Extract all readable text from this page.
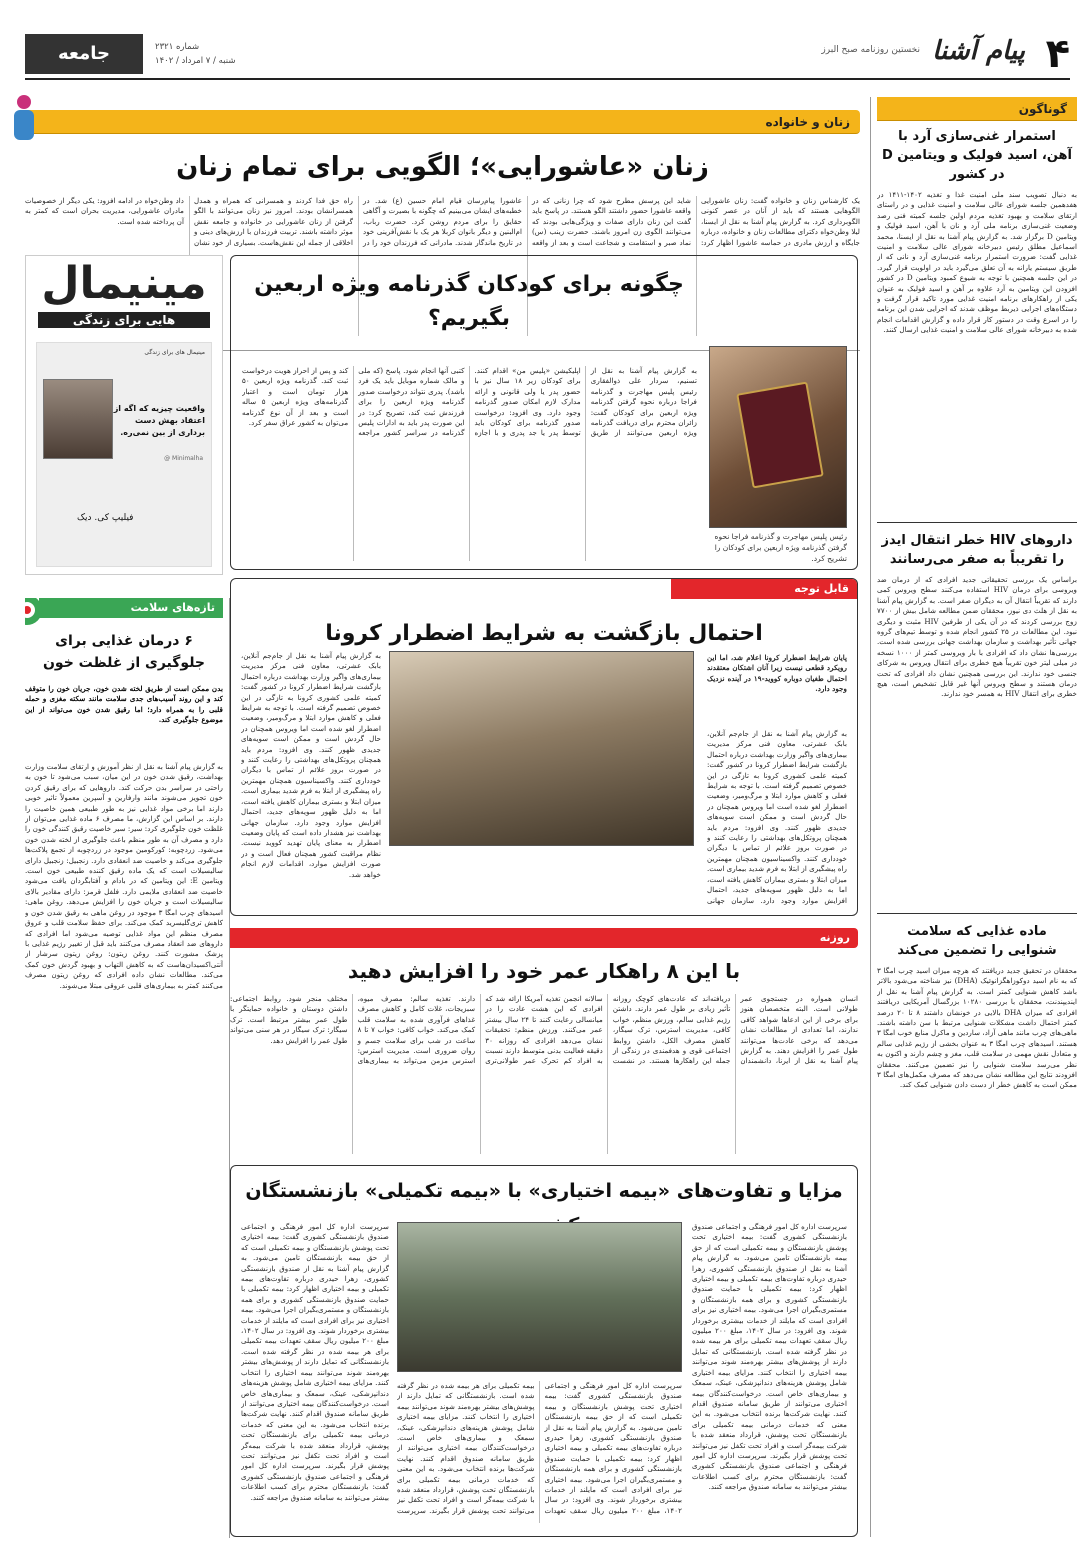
۴
پیام آشنا
نخستین روزنامه صبح البرز
شماره ۲۳۲۱
شنبه / ۷ امرداد / ۱۴۰۲
جامعه
گوناگون
استمرار غنی‌سازی آرد با آهن، اسید فولیک و ویتامین D در کشور
به دنبال تصویب سند ملی امنیت غذا و تغذیه ۱۴۰۲-۱۴۱۱ در هفدهمین جلسه شورای عالی سلامت و امنیت غذایی و در راستای ارتقای سلامت و بهبود تغذیه مردم اولین جلسه کمیته فنی رصد وضعیت غنی‌سازی برنامه ملی آرد و نان با آهن، اسید فولیک و ویتامین D برگزار شد. به گزارش پیام آشنا به نقل از ایسنا، محمد اسماعیل مطلق رئیس دبیرخانه شورای عالی سلامت و امنیت غذایی گفت: ضرورت استمرار برنامه غنی‌سازی آرد و نانی که از طریق سیستم یارانه به آن تعلق می‌گیرد باید در اولویت قرار گیرد. در این جلسه همچنین با توجه به شیوع کمبود ویتامین D در کشور افزودن این ویتامین به آرد علاوه بر آهن و اسید فولیک به عنوان یکی از راهکارهای برنامه امنیت غذایی مورد تاکید قرار گرفت و دستگاه‌های اجرایی ذیربط موظف شدند که اجرایی شدن این برنامه را در اسرع وقت در دستور کار قرار داده و گزارش اقدامات انجام شده به دبیرخانه شورای عالی سلامت و امنیت غذایی ارسال کنند.
داروهای HIV خطر انتقال ایدز را تقریباً به صفر می‌رسانند
براساس یک بررسی تحقیقاتی جدید افرادی که از درمان ضد ویروسی برای درمان HIV استفاده می‌کنند سطح ویروس کمی دارند که تقریباً انتقال آن به دیگران صفر است. به گزارش پیام آشنا به نقل از هلث دی نیوز، محققان ضمن مطالعه شامل بیش از ۷۷۰۰ زوج بررسی کردند که در آن یکی از طرفین HIV مثبت و دیگری نبود. این مطالعات در ۲۵ کشور انجام شده و توسط تیم‌های گروه جهانی تأثیر بهداشت و سازمان بهداشت جهانی بررسی شده است. بررسی‌ها نشان داد که افرادی با بار ویروسی کمتر از ۱۰۰۰ نسخه در میلی لیتر خون تقریباً هیچ خطری برای انتقال ویروس به شرکای جنسی خود ندارند. این بررسی همچنین نشان داد افرادی که تحت درمان هستند و سطح ویروس آنها غیر قابل تشخیص است، هیچ خطری برای انتقال HIV به همسر خود ندارند.
ماده غذایی که سلامت شنوایی را تضمین می‌کند
محققان در تحقیق جدید دریافتند که هرچه میزان اسید چرب امگا ۳ که به نام اسید دوکوزاهگزانوئیک (DHA) نیز شناخته می‌شود بالاتر باشد کاهش شنوایی کمتر است. به گزارش پیام آشنا به نقل از ایندیپندنت، محققان با بررسی ۱۰۲۸۰ بزرگسال آمریکایی دریافتند افرادی که میزان DHA بالایی در خونشان داشتند ۸ تا ۲۰ درصد کمتر احتمال داشت مشکلات شنوایی مرتبط با سن داشته باشند. ماهی‌های چرب مانند ماهی آزاد، ساردین و ماکرل منابع خوب امگا ۳ هستند. اسیدهای چرب امگا ۳ به عنوان بخشی از رژیم غذایی سالم و متعادل نقش مهمی در سلامت قلب، مغز و چشم دارند و اکنون به نظر می‌رسد سلامت شنوایی را نیز تضمین می‌کنند. محققان افزودند نتایج این مطالعه نشان می‌دهد که مصرف مکمل‌های امگا ۳ ممکن است به کاهش خطر از دست دادن شنوایی کمک کند.
زنان و خانواده
زنان «عاشورایی»؛ الگویی برای تمام زنان
یک کارشناس زنان و خانواده گفت: زنان عاشورایی الگوهایی هستند که باید از آنان در عصر کنونی الگوبرداری کرد. به گزارش پیام آشنا به نقل از ایسنا، لیلا وطن‌خواه دکترای مطالعات زنان و خانواده، درباره جایگاه و ارزش مادری در حماسه عاشورا اظهار کرد: شاید این پرسش مطرح شود که چرا زنانی که در واقعه عاشورا حضور داشتند الگو هستند. در پاسخ باید گفت این زنان دارای صفات و ویژگی‌هایی بودند که می‌توانند الگوی زن امروز باشند. حضرت زینب (س) نماد صبر و استقامت و شجاعت است و بعد از واقعه عاشورا پیام‌رسان قیام امام حسین (ع) شد. در خطبه‌های ایشان می‌بینیم که چگونه با بصیرت و آگاهی حقایق را برای مردم روشن کرد. حضرت رباب، ام‌البنین و دیگر بانوان کربلا هر یک با نقش‌آفرینی خود در تاریخ ماندگار شدند. مادرانی که فرزندان خود را در راه حق فدا کردند و همسرانی که همراه و همدل همسرانشان بودند. امروز نیز زنان می‌توانند با الگو گرفتن از زنان عاشورایی در خانواده و جامعه نقش موثر داشته باشند. تربیت فرزندان با ارزش‌های دینی و اخلاقی از جمله این نقش‌هاست. بسیاری از خود نشان داد وطن‌خواه در ادامه افزود: یکی دیگر از خصوصیات مادران عاشورایی، مدیریت بحران است که کمتر به آن پرداخته شده است.
مینیمال
هایی برای زندگی
مینیمال های برای زندگی
واقعیت چیزیه که اگه از اعتقاد بهش دست برداری از بین نمی‌ره.
@ Minimalha
فیلیپ کی. دیک
تازه‌های سلامت
۶ درمان غذایی برای جلوگیری از غلظت خون
بدن ممکن است از طریق لخته شدن خون، جریان خون را متوقف کند و این روند آسیب‌های جدی سلامت مانند سکته مغزی و حمله قلبی را به همراه دارد؛ اما رقیق شدن خون می‌تواند از این موضوع جلوگیری کند.
به گزارش پیام آشنا به نقل از نظر آموزش و ارتقای سلامت وزارت بهداشت، رقیق شدن خون در این میان، سبب می‌شود تا خون به راحتی در سراسر بدن حرکت کند. داروهایی که برای رقیق کردن خون تجویز می‌شوند مانند وارفارین و آسپرین معمولاً تاثیر خوبی دارند اما برخی مواد غذایی نیز به طور طبیعی همین خاصیت را دارند. بر اساس این گزارش، ما مصرف ۶ ماده غذایی می‌توان از غلظت خون جلوگیری کرد: سیر: سیر خاصیت رقیق کنندگی خون را دارد و مصرف آن به طور منظم باعث جلوگیری از لخته شدن خون می‌شود. زردچوبه: کورکومین موجود در زردچوبه از تجمع پلاکت‌ها جلوگیری می‌کند و خاصیت ضد انعقادی دارد. زنجبیل: زنجبیل دارای سالیسیلات است که یک ماده رقیق کننده طبیعی خون است. ویتامین E: این ویتامین که در بادام و آفتابگردان یافت می‌شود خاصیت ضد انعقادی ملایمی دارد. فلفل قرمز: دارای مقادیر بالای سالیسیلات است و جریان خون را افزایش می‌دهد. روغن ماهی: اسیدهای چرب امگا ۳ موجود در روغن ماهی به رقیق شدن خون و کاهش تری‌گلیسرید کمک می‌کند. برای حفظ سلامت قلب و عروق مصرف منظم این مواد غذایی توصیه می‌شود اما افرادی که داروهای ضد انعقاد مصرف می‌کنند باید قبل از تغییر رژیم غذایی با پزشک مشورت کنند. روغن زیتون: روغن زیتون سرشار از آنتی‌اکسیدان‌هاست که به کاهش التهاب و بهبود گردش خون کمک می‌کند. مطالعات نشان داده افرادی که روغن زیتون مصرف می‌کنند کمتر به بیماری‌های قلبی عروقی مبتلا می‌شوند.
چگونه برای کودکان گذرنامه ویژه اربعین بگیریم؟
رئیس پلیس مهاجرت و گذرنامه فراجا نحوه گرفتن گذرنامه ویژه اربعین برای کودکان را تشریح کرد.
به گزارش پیام آشنا به نقل از تسنیم، سردار علی ذوالفقاری رئیس پلیس مهاجرت و گذرنامه فراجا درباره نحوه گرفتن گذرنامه ویژه اربعین برای کودکان گفت: زائران محترم برای دریافت گذرنامه ویژه اربعین می‌توانند از طریق اپلیکیشن «پلیس من» اقدام کنند. برای کودکان زیر ۱۸ سال نیز با حضور پدر یا ولی قانونی و ارائه مدارک لازم امکان صدور گذرنامه وجود دارد. وی افزود: درخواست صدور گذرنامه برای کودکان باید توسط پدر یا جد پدری و با اجازه کتبی آنها انجام شود. پاسخ (که ملی و مالک شماره موبایل باید یک فرد باشد). پدری نتواند درخواست صدور گذرنامه ویژه اربعین را برای فرزندش ثبت کند، تصریح کرد: در این صورت پدر باید به ادارات پلیس گذرنامه در سراسر کشور مراجعه کند و پس از احراز هویت درخواست ثبت کند. گذرنامه ویژه اربعین ۵۰ هزار تومان است و اعتبار گذرنامه‌های ویژه اربعین ۵ ساله است و بعد از آن نوع گذرنامه می‌توان به کشور عراق سفر کرد.
قابل توجه
احتمال بازگشت به شرایط اضطرار کرونا
پایان شرایط اضطرار کرونا اعلام شد، اما این رویکرد قطعی نیست زیرا آنان اشتکان معتقدند احتمال طغیان دوباره کووید-۱۹ در آینده نزدیک وجود دارد.
به گزارش پیام آشنا به نقل از جام‌جم آنلاین، بابک عشرتی، معاون فنی مرکز مدیریت بیماری‌های واگیر وزارت بهداشت درباره احتمال بازگشت شرایط اضطرار کرونا در کشور گفت: کمیته علمی کشوری کرونا به تازگی در این خصوص تصمیم گرفته است. با توجه به شرایط فعلی و کاهش موارد ابتلا و مرگ‌ومیر، وضعیت اضطرار لغو شده است اما ویروس همچنان در حال گردش است و ممکن است سویه‌های جدیدی ظهور کنند. وی افزود: مردم باید همچنان پروتکل‌های بهداشتی را رعایت کنند و در صورت بروز علائم از تماس با دیگران خودداری کنند. واکسیناسیون همچنان مهمترین راه پیشگیری از ابتلا به فرم شدید بیماری است. میزان ابتلا و بستری بیماران کاهش یافته است، اما به دلیل ظهور سویه‌های جدید، احتمال افزایش موارد وجود دارد. سازمان جهانی
به گزارش پیام آشنا به نقل از جام‌جم آنلاین، بابک عشرتی، معاون فنی مرکز مدیریت بیماری‌های واگیر وزارت بهداشت درباره احتمال بازگشت شرایط اضطرار کرونا در کشور گفت: کمیته علمی کشوری کرونا به تازگی در این خصوص تصمیم گرفته است. با توجه به شرایط فعلی و کاهش موارد ابتلا و مرگ‌ومیر، وضعیت اضطرار لغو شده است اما ویروس همچنان در حال گردش است و ممکن است سویه‌های جدیدی ظهور کنند. وی افزود: مردم باید همچنان پروتکل‌های بهداشتی را رعایت کنند و در صورت بروز علائم از تماس با دیگران خودداری کنند. واکسیناسیون همچنان مهمترین راه پیشگیری از ابتلا به فرم شدید بیماری است. میزان ابتلا و بستری بیماران کاهش یافته است، اما به دلیل ظهور سویه‌های جدید، احتمال افزایش موارد وجود دارد. سازمان جهانی بهداشت نیز هشدار داده است که پایان وضعیت اضطرار به معنای پایان تهدید کووید نیست. نظام مراقبت کشور همچنان فعال است و در صورت افزایش موارد، اقدامات لازم انجام خواهد شد.
روزنه
با این ۸ راهکار عمر خود را افزایش دهید
انسان همواره در جستجوی عمر طولانی است. البته متخصصان هنوز برای برخی از این ادعاها شواهد کافی ندارند، اما تعدادی از مطالعات نشان می‌دهد که برخی عادت‌ها می‌توانند طول عمر را افزایش دهند. به گزارش پیام آشنا به نقل از ایرنا، دانشمندان دریافته‌اند که عادت‌های کوچک روزانه تأثیر زیادی بر طول عمر دارند. داشتن رژیم غذایی سالم، ورزش منظم، خواب کافی، مدیریت استرس، ترک سیگار، کاهش مصرف الکل، داشتن روابط اجتماعی قوی و هدفمندی در زندگی از جمله این راهکارها هستند. در نشست سالانه انجمن تغذیه آمریکا ارائه شد که افرادی که این هشت عادت را در میانسالی رعایت کنند تا ۲۴ سال بیشتر عمر می‌کنند. ورزش منظم: تحقیقات نشان می‌دهد افرادی که روزانه ۳۰ دقیقه فعالیت بدنی متوسط دارند نسبت به افراد کم تحرک عمر طولانی‌تری دارند. تغذیه سالم: مصرف میوه، سبزیجات، غلات کامل و کاهش مصرف غذاهای فرآوری شده به سلامت قلب کمک می‌کند. خواب کافی: خواب ۷ تا ۸ ساعت در شب برای سلامت جسم و روان ضروری است. مدیریت استرس: استرس مزمن می‌تواند به بیماری‌های مختلف منجر شود. روابط اجتماعی: داشتن دوستان و خانواده حمایتگر با طول عمر بیشتر مرتبط است. ترک سیگار: ترک سیگار در هر سنی می‌تواند طول عمر را افزایش دهد.
مزایا و تفاوت‌های «بیمه اختیاری» با «بیمه تکمیلی» بازنشستگان
سرپرست اداره کل امور فرهنگی و اجتماعی صندوق بازنشستگی کشوری گفت: بیمه اختیاری تحت پوشش بازنشستگان و بیمه تکمیلی است که از حق بیمه بازنشستگان تامین می‌شود. به گزارش پیام آشنا به نقل از صندوق بازنشستگی کشوری، زهرا حیدری درباره تفاوت‌های بیمه تکمیلی و بیمه اختیاری اظهار کرد: بیمه تکمیلی با حمایت صندوق بازنشستگی کشوری و برای همه بازنشستگان و مستمری‌بگیران اجرا می‌شود. بیمه اختیاری نیز برای افرادی است که مایلند از خدمات بیشتری برخوردار شوند. وی افزود: در سال ۱۴۰۲، مبلغ ۲۰۰ میلیون ریال سقف تعهدات بیمه تکمیلی برای هر بیمه شده در نظر گرفته شده است. بازنشستگانی که تمایل دارند از پوشش‌های بیشتر بهره‌مند شوند می‌توانند بیمه اختیاری را انتخاب کنند. مزایای بیمه اختیاری شامل پوشش هزینه‌های دندانپزشکی، عینک، سمعک و بیماری‌های خاص است. درخواست‌کنندگان بیمه اختیاری می‌توانند از طریق سامانه صندوق اقدام کنند. نهایت شرکت‌ها برنده انتخاب می‌شود. به این معنی که خدمات درمانی بیمه تکمیلی برای بازنشستگان تحت پوشش، قرارداد منعقد شده با شرکت بیمه‌گر است و افراد تحت تکفل نیز می‌توانند تحت پوشش قرار بگیرند. سرپرست اداره کل امور فرهنگی و اجتماعی صندوق بازنشستگی کشوری گفت: بازنشستگان محترم برای کسب اطلاعات بیشتر می‌توانند به سامانه صندوق مراجعه کنند.
سرپرست اداره کل امور فرهنگی و اجتماعی صندوق بازنشستگی کشوری گفت: بیمه اختیاری تحت پوشش بازنشستگان و بیمه تکمیلی است که از حق بیمه بازنشستگان تامین می‌شود. به گزارش پیام آشنا به نقل از صندوق بازنشستگی کشوری، زهرا حیدری درباره تفاوت‌های بیمه تکمیلی و بیمه اختیاری اظهار کرد: بیمه تکمیلی با حمایت صندوق بازنشستگی کشوری و برای همه بازنشستگان و مستمری‌بگیران اجرا می‌شود. بیمه اختیاری نیز برای افرادی است که مایلند از خدمات بیشتری برخوردار شوند. وی افزود: در سال ۱۴۰۲، مبلغ ۲۰۰ میلیون ریال سقف تعهدات بیمه تکمیلی برای هر بیمه شده در نظر گرفته شده است. بازنشستگانی که تمایل دارند از پوشش‌های بیشتر بهره‌مند شوند می‌توانند بیمه اختیاری را انتخاب کنند. مزایای بیمه اختیاری شامل پوشش هزینه‌های دندانپزشکی، عینک، سمعک و بیماری‌های خاص است. درخواست‌کنندگان بیمه اختیاری می‌توانند از طریق سامانه صندوق اقدام کنند. نهایت شرکت‌ها برنده انتخاب می‌شود. به این معنی که خدمات درمانی بیمه تکمیلی برای بازنشستگان تحت پوشش، قرارداد منعقد شده با شرکت بیمه‌گر است و افراد تحت تکفل نیز می‌توانند تحت پوشش قرار بگیرند. سرپرست
سرپرست اداره کل امور فرهنگی و اجتماعی صندوق بازنشستگی کشوری گفت: بیمه اختیاری تحت پوشش بازنشستگان و بیمه تکمیلی است که از حق بیمه بازنشستگان تامین می‌شود. به گزارش پیام آشنا به نقل از صندوق بازنشستگی کشوری، زهرا حیدری درباره تفاوت‌های بیمه تکمیلی و بیمه اختیاری اظهار کرد: بیمه تکمیلی با حمایت صندوق بازنشستگی کشوری و برای همه بازنشستگان و مستمری‌بگیران اجرا می‌شود. بیمه اختیاری نیز برای افرادی است که مایلند از خدمات بیشتری برخوردار شوند. وی افزود: در سال ۱۴۰۲، مبلغ ۲۰۰ میلیون ریال سقف تعهدات بیمه تکمیلی برای هر بیمه شده در نظر گرفته شده است. بازنشستگانی که تمایل دارند از پوشش‌های بیشتر بهره‌مند شوند می‌توانند بیمه اختیاری را انتخاب کنند. مزایای بیمه اختیاری شامل پوشش هزینه‌های دندانپزشکی، عینک، سمعک و بیماری‌های خاص است. درخواست‌کنندگان بیمه اختیاری می‌توانند از طریق سامانه صندوق اقدام کنند. نهایت شرکت‌ها برنده انتخاب می‌شود. به این معنی که خدمات درمانی بیمه تکمیلی برای بازنشستگان تحت پوشش، قرارداد منعقد شده با شرکت بیمه‌گر است و افراد تحت تکفل نیز می‌توانند تحت پوشش قرار بگیرند. سرپرست اداره کل امور فرهنگی و اجتماعی صندوق بازنشستگی کشوری گفت: بازنشستگان محترم برای کسب اطلاعات بیشتر می‌توانند به سامانه صندوق مراجعه کنند.
